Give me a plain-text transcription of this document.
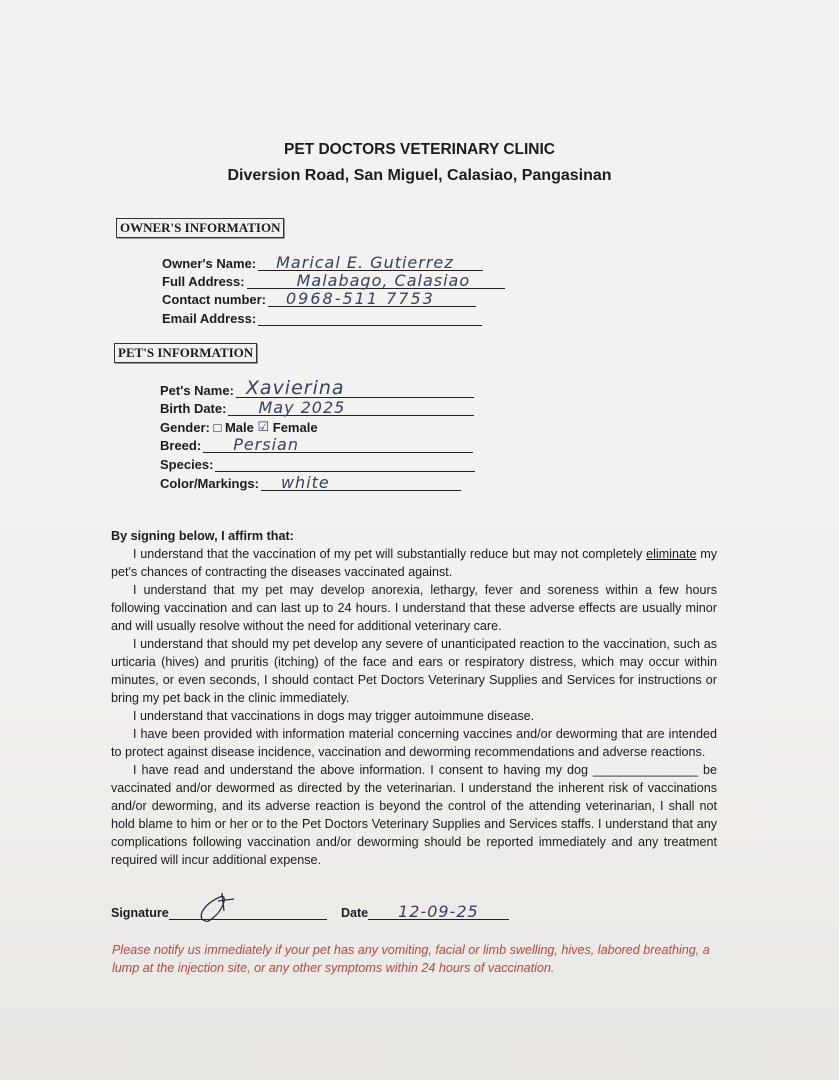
PET DOCTORS VETERINARY CLINIC
Diversion Road, San Miguel, Calasiao, Pangasinan
OWNER'S INFORMATION
Owner's Name: Marical E. Gutierrez
Full Address:	Malabago, Calasiao
Contact number: 0968-511 7753
Email Address:
PET'S INFORMATION
Pet's Name: Xavierina
Birth Date: May 2025
Gender:
□
Male
☑
Female
Breed: Persian
Species:
Color/Markings: white

By signing below, I affirm that:

I understand that the vaccination of my pet will substantially reduce but may not completely eliminate my pet's chances of contracting the diseases vaccinated against.

I understand that my pet may develop anorexia, lethargy, fever and soreness within a few hours following vaccination and can last up to 24 hours. I understand that these adverse effects are usually minor and will usually resolve without the need for additional veterinary care.

I understand that should my pet develop any severe of unanticipated reaction to the vaccination, such as urticaria (hives) and pruritis (itching) of the face and ears or respiratory distress, which may occur within minutes, or even seconds, I should contact Pet Doctors Veterinary Supplies and Services for instructions or bring my pet back in the clinic immediately.

I understand that vaccinations in dogs may trigger autoimmune disease.

I have been provided with information material concerning vaccines and/or deworming that are intended to protect against disease incidence, vaccination and deworming recommendations and adverse reactions.

I have read and understand the above information. I consent to having my dog _______________ be vaccinated and/or dewormed as directed by the veterinarian. I understand the inherent risk of vaccinations and/or deworming, and its adverse reaction is beyond the control of the attending veterinarian, I shall not hold blame to him or her or to the Pet Doctors Veterinary Supplies and Services staffs. I understand that any complications following vaccination and/or deworming should be reported immediately and any treatment required will incur additional expense.

Signature	Date 12-09-25
Please notify us immediately if your pet has any vomiting, facial or limb swelling, hives, labored breathing, a lump at the injection site, or any other symptoms within 24 hours of vaccination.
